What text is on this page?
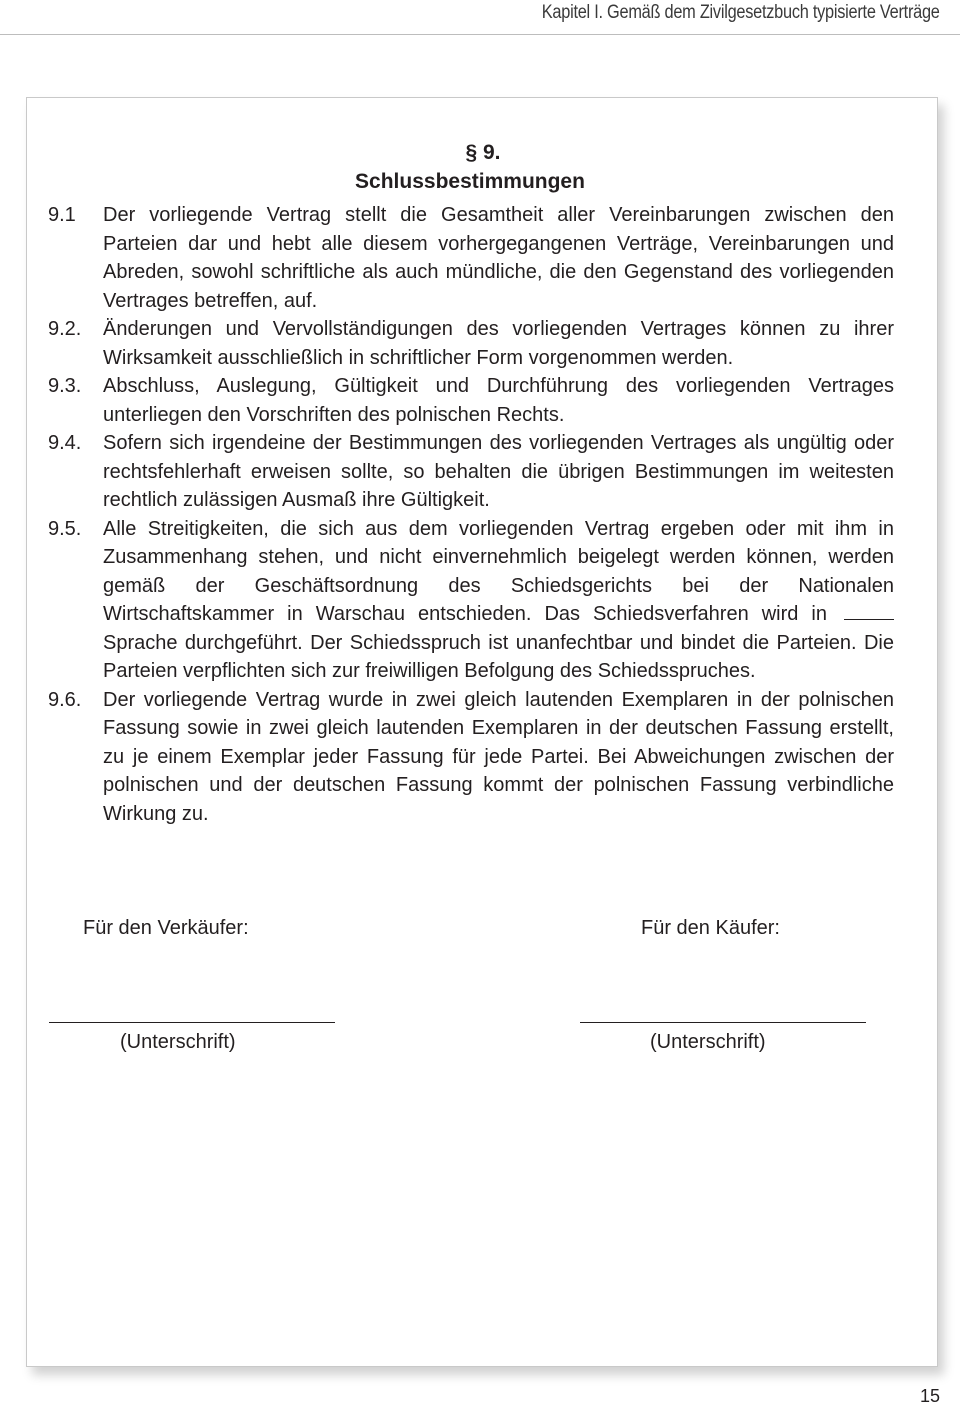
Kapitel I. Gemäß dem Zivilgesetzbuch typisierte Verträge
§ 9.
Schlussbestimmungen
9.1	Der vorliegende Vertrag stellt die Gesamtheit aller Vereinbarungen zwischen den Parteien dar und hebt alle diesem vorhergegangenen Verträge, Vereinbarungen und Abreden, sowohl schriftliche als auch mündliche, die den Gegenstand des vorliegenden Vertrages betreffen, auf.
9.2.	Änderungen und Vervollständigungen des vorliegenden Vertrages können zu ihrer Wirksamkeit ausschließlich in schriftlicher Form vorgenommen werden.
9.3.	Abschluss, Auslegung, Gültigkeit und Durchführung des vorliegenden Vertrages unterliegen den Vorschriften des polnischen Rechts.
9.4.	Sofern sich irgendeine der Bestimmungen des vorliegenden Vertrages als ungültig oder rechtsfehlerhaft erweisen sollte, so behalten die übrigen Bestimmungen im weitesten rechtlich zulässigen Ausmaß ihre Gültigkeit.
9.5.	Alle Streitigkeiten, die sich aus dem vorliegenden Vertrag ergeben oder mit ihm in Zusammenhang stehen, und nicht einvernehmlich beigelegt werden können, werden gemäß der Geschäftsordnung des Schiedsgerichts bei der Nationalen Wirtschaftskammer in Warschau entschieden. Das Schiedsverfahren wird in  Sprache durchgeführt. Der Schiedsspruch ist unanfechtbar und bindet die Parteien. Die Parteien verpflichten sich zur freiwilligen Befolgung des Schiedsspruches.
9.6.	Der vorliegende Vertrag wurde in zwei gleich lautenden Exemplaren in der polnischen Fassung sowie in zwei gleich lautenden Exemplaren in der deutschen Fassung erstellt, zu je einem Exemplar jeder Fassung für jede Partei. Bei Abweichungen zwischen der polnischen und der deutschen Fassung kommt der polnischen Fassung verbindliche Wirkung zu.
Für den Verkäufer:	Für den Käufer:
(Unterschrift)	(Unterschrift)
15
